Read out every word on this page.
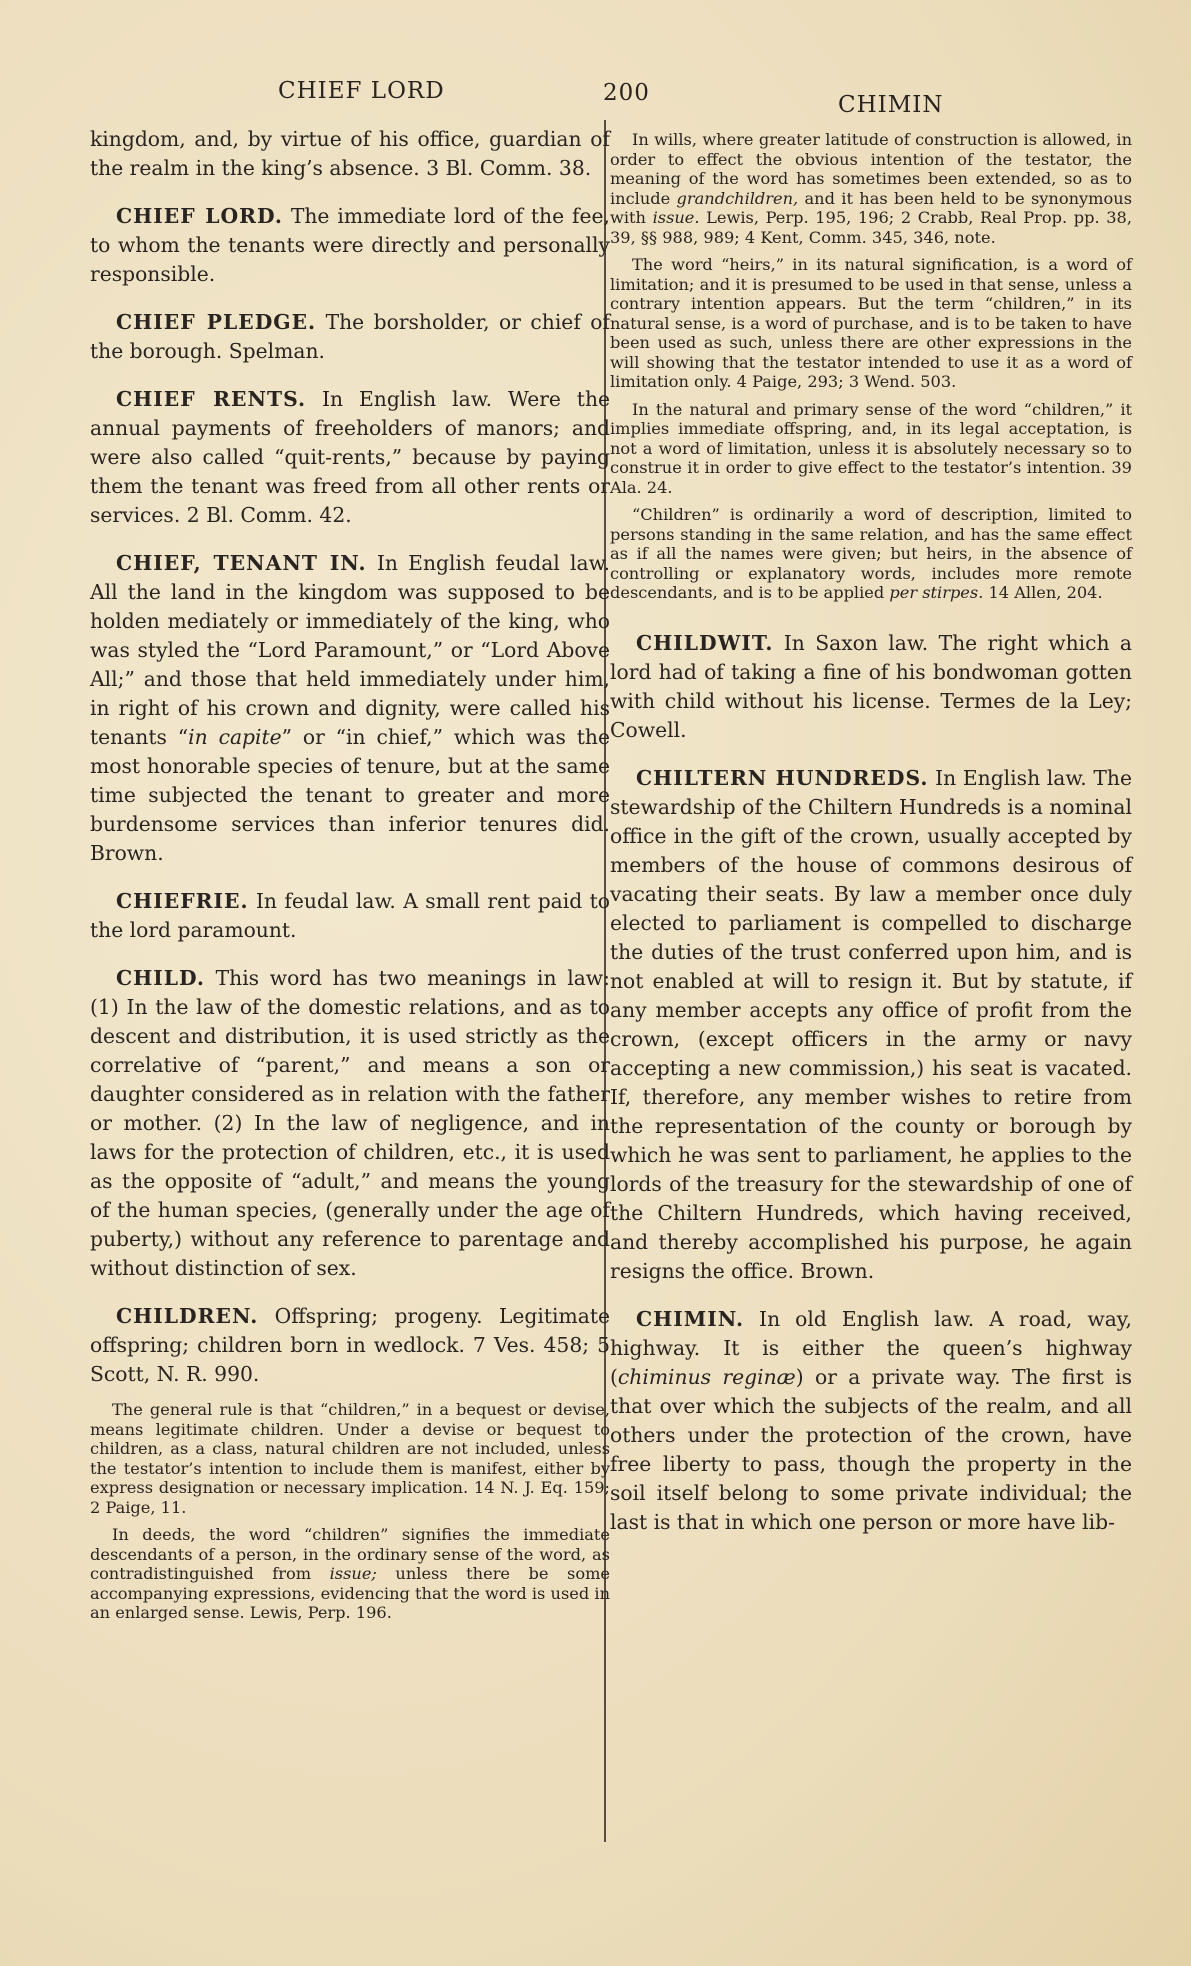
CHIEF LORD	200	CHIMIN

kingdom, and, by virtue of his office, guardian of the realm in the king’s absence. 3 Bl. Comm. 38.

CHIEF LORD. The immediate lord of the fee, to whom the tenants were directly and personally responsible.

CHIEF PLEDGE. The borsholder, or chief of the borough. Spelman.

CHIEF RENTS. In English law. Were the annual payments of freeholders of manors; and were also called “quit-rents,” because by paying them the tenant was freed from all other rents or services. 2 Bl. Comm. 42.

CHIEF, TENANT IN. In English feudal law. All the land in the kingdom was supposed to be holden mediately or immediately of the king, who was styled the “Lord Paramount,” or “Lord Above All;” and those that held immediately under him, in right of his crown and dignity, were called his tenants “in capite” or “in chief,” which was the most honorable species of tenure, but at the same time subjected the tenant to greater and more burdensome services than inferior tenures did. Brown.

CHIEFRIE. In feudal law. A small rent paid to the lord paramount.

CHILD. This word has two meanings in law: (1) In the law of the domestic relations, and as to descent and distribution, it is used strictly as the correlative of “parent,” and means a son or daughter considered as in relation with the father or mother. (2) In the law of negligence, and in laws for the protection of children, etc., it is used as the opposite of “adult,” and means the young of the human species, (generally under the age of puberty,) without any reference to parentage and without distinction of sex.

CHILDREN. Offspring; progeny. Legitimate offspring; children born in wedlock. 7 Ves. 458; 5 Scott, N. R. 990.

The general rule is that “children,” in a bequest or devise, means legitimate children. Under a devise or bequest to children, as a class, natural children are not included, unless the testator’s intention to include them is manifest, either by express designation or necessary implication. 14 N. J. Eq. 159; 2 Paige, 11.

In deeds, the word “children” signifies the immediate descendants of a person, in the ordinary sense of the word, as contradistinguished from issue; unless there be some accompanying expressions, evidencing that the word is used in an enlarged sense. Lewis, Perp. 196.

In wills, where greater latitude of construction is allowed, in order to effect the obvious intention of the testator, the meaning of the word has sometimes been extended, so as to include grandchildren, and it has been held to be synonymous with issue. Lewis, Perp. 195, 196; 2 Crabb, Real Prop. pp. 38, 39, §§ 988, 989; 4 Kent, Comm. 345, 346, note.

The word “heirs,” in its natural signification, is a word of limitation; and it is presumed to be used in that sense, unless a contrary intention appears. But the term “children,” in its natural sense, is a word of purchase, and is to be taken to have been used as such, unless there are other expressions in the will showing that the testator intended to use it as a word of limitation only. 4 Paige, 293; 3 Wend. 503.

In the natural and primary sense of the word “children,” it implies immediate offspring, and, in its legal acceptation, is not a word of limitation, unless it is absolutely necessary so to construe it in order to give effect to the testator’s intention. 39 Ala. 24.

“Children” is ordinarily a word of description, limited to persons standing in the same relation, and has the same effect as if all the names were given; but heirs, in the absence of controlling or explanatory words, includes more remote descendants, and is to be applied per stirpes. 14 Allen, 204.

CHILDWIT. In Saxon law. The right which a lord had of taking a fine of his bondwoman gotten with child without his license. Termes de la Ley; Cowell.

CHILTERN HUNDREDS. In English law. The stewardship of the Chiltern Hundreds is a nominal office in the gift of the crown, usually accepted by members of the house of commons desirous of vacating their seats. By law a member once duly elected to parliament is compelled to discharge the duties of the trust conferred upon him, and is not enabled at will to resign it. But by statute, if any member accepts any office of profit from the crown, (except officers in the army or navy accepting a new commission,) his seat is vacated. If, therefore, any member wishes to retire from the representation of the county or borough by which he was sent to parliament, he applies to the lords of the treasury for the stewardship of one of the Chiltern Hundreds, which having received, and thereby accomplished his purpose, he again resigns the office. Brown.

CHIMIN. In old English law. A road, way, highway. It is either the queen’s highway (chiminus reginæ) or a private way. The first is that over which the subjects of the realm, and all others under the protection of the crown, have free liberty to pass, though the property in the soil itself belong to some private individual; the last is that in which one person or more have lib-
